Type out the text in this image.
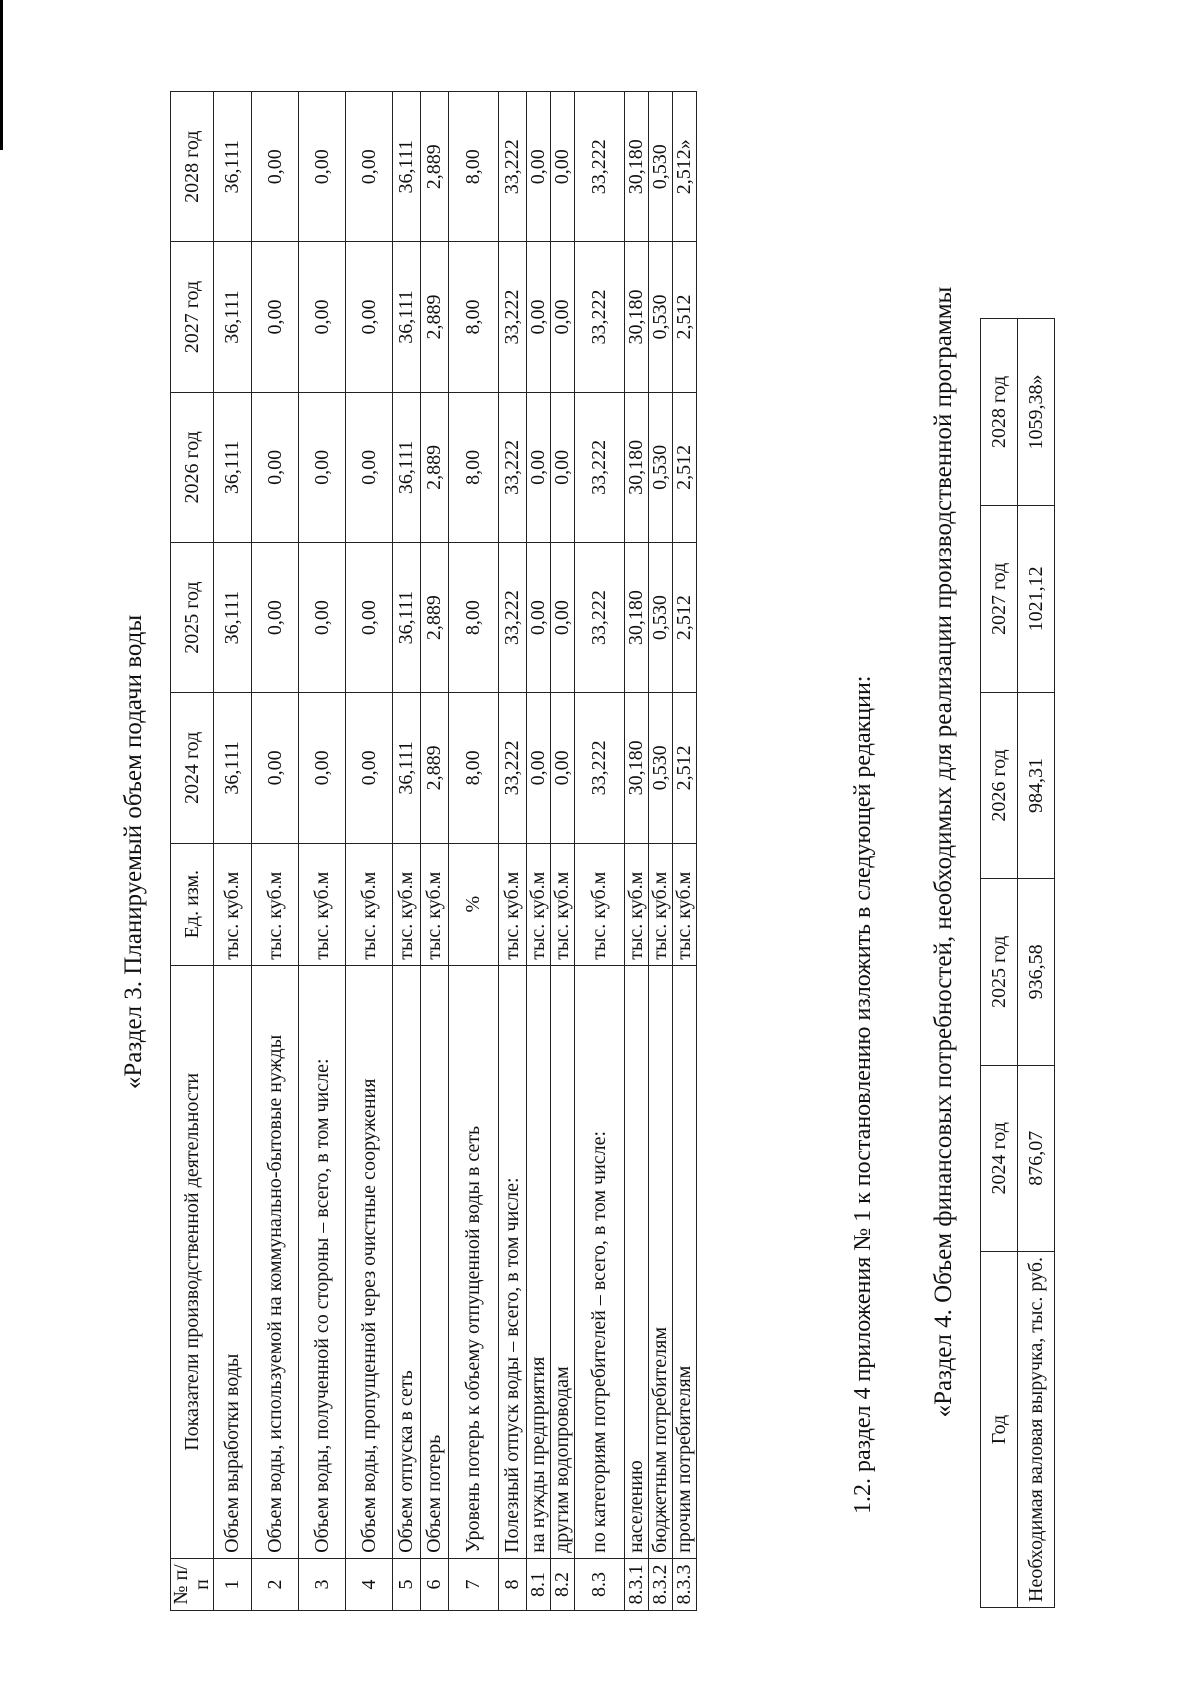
«Раздел 3. Планируемый объем подачи воды
№ п/п	Показатели производственной деятельности	Ед. изм.	2024 год	2025 год	2026 год	2027 год	2028 год
1	Объем выработки воды	тыс. куб.м	36,111	36,111	36,111	36,111	36,111
2	Объем воды, используемой на коммунально-бытовые нужды	тыс. куб.м	0,00	0,00	0,00	0,00	0,00
3	Объем воды, полученной со стороны – всего, в том числе:	тыс. куб.м	0,00	0,00	0,00	0,00	0,00
4	Объем воды, пропущенной через очистные сооружения	тыс. куб.м	0,00	0,00	0,00	0,00	0,00
5	Объем отпуска в сеть	тыс. куб.м	36,111	36,111	36,111	36,111	36,111
6	Объем потерь	тыс. куб.м	2,889	2,889	2,889	2,889	2,889
7	Уровень потерь к объему отпущенной воды в сеть	%	8,00	8,00	8,00	8,00	8,00
8	Полезный отпуск воды – всего, в том числе:	тыс. куб.м	33,222	33,222	33,222	33,222	33,222
8.1	на нужды предприятия	тыс. куб.м	0,00	0,00	0,00	0,00	0,00
8.2	другим водопроводам	тыс. куб.м	0,00	0,00	0,00	0,00	0,00
8.3	по категориям потребителей – всего, в том числе:	тыс. куб.м	33,222	33,222	33,222	33,222	33,222
8.3.1	населению	тыс. куб.м	30,180	30,180	30,180	30,180	30,180
8.3.2	бюджетным потребителям	тыс. куб.м	0,530	0,530	0,530	0,530	0,530
8.3.3	прочим потребителям	тыс. куб.м	2,512	2,512	2,512	2,512	2,512»
1.2. раздел 4 приложения № 1 к постановлению изложить в следующей редакции: «Раздел 4. Объем финансовых потребностей, необходимых для реализации производственной программы
Год	2024 год	2025 год	2026 год	2027 год	2028 год
Необходимая валовая выручка, тыс. руб.	876,07	936,58	984,31	1021,12	1059,38»
